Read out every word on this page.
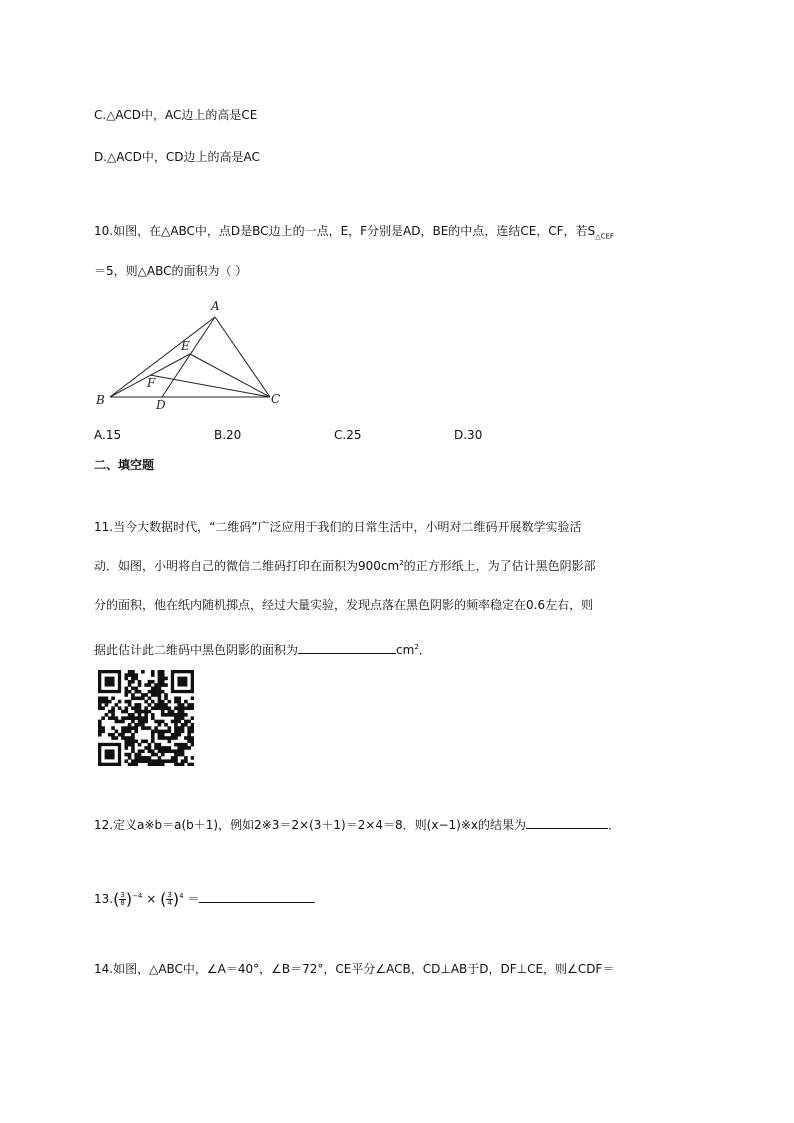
C.△ACD中，AC边上的高是CE
D.△ACD中，CD边上的高是AC
10.如图，在△ABC中，点D是BC边上的一点，E，F分别是AD，BE的中点，连结CE，CF，若$S_{\triangle CEF}$
＝5，则△ABC的面积为（ ）
A
E
F
B	D	C
A.15	B.20	C.25	D.30
二、填空题
11.当今大数据时代，“二维码”广泛应用于我们的日常生活中，小明对二维码开展数学实验活
动．如图，小明将自己的微信二维码打印在面积为$900cm^2$的正方形纸上，为了估计黑色阴影部
分的面积，他在纸内随机掷点，经过大量实验，发现点落在黑色阴影的频率稳定在0.6左右，则
据此估计此二维码中黑色阴影的面积为	$cm^2$．
12.定义a※b＝a(b＋1)，例如2※3＝2×(3＋1)＝2×4＝8．则(x−1)※x的结果为	．
$13.( \frac{3}{8} )^{-4}$ × ( $\frac{3}{4} )^4$ ＝
14.如图，△ABC中，∠A＝40°，∠B＝72°，CE平分∠ACB，CD⊥AB于D，DF⊥CE，则∠CDF＝
